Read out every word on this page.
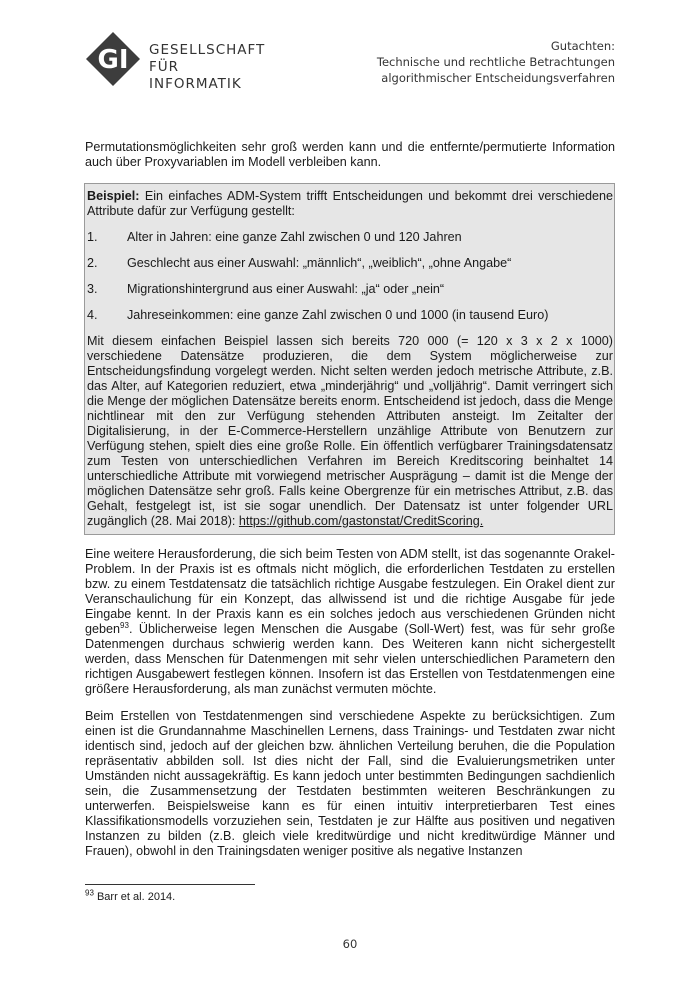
GI GESELLSCHAFT
FÜR INFORMATIK
Gutachten:
Technische und rechtliche Betrachtungen
algorithmischer Entscheidungsverfahren

Permutationsmöglichkeiten sehr groß werden kann und die entfernte/permutierte Information auch über Proxyvariablen im Modell verbleiben kann.

Beispiel: Ein einfaches ADM-System trifft Entscheidungen und bekommt drei verschiedene Attribute dafür zur Verfügung gestellt:

1.	Alter in Jahren: eine ganze Zahl zwischen 0 und 120 Jahren
2.	Geschlecht aus einer Auswahl: „männlich“, „weiblich“, „ohne Angabe“
3.	Migrationshintergrund aus einer Auswahl: „ja“ oder „nein“
4.	Jahreseinkommen: eine ganze Zahl zwischen 0 und 1000 (in tausend Euro)

Mit diesem einfachen Beispiel lassen sich bereits 720 000 (= 120 x 3 x 2 x 1000) verschiedene Datensätze produzieren, die dem System möglicherweise zur Entscheidungsfindung vorgelegt werden. Nicht selten werden jedoch metrische Attribute, z.B. das Alter, auf Kategorien reduziert, etwa „minderjährig“ und „volljährig“. Damit verringert sich die Menge der möglichen Datensätze bereits enorm. Entscheidend ist jedoch, dass die Menge nichtlinear mit den zur Verfügung stehenden Attributen ansteigt. Im Zeitalter der Digitalisierung, in der E-Commerce-Herstellern unzählige Attribute von Benutzern zur Verfügung stehen, spielt dies eine große Rolle. Ein öffentlich verfügbarer Trainingsdatensatz zum Testen von unterschiedlichen Verfahren im Bereich Kreditscoring beinhaltet 14 unterschiedliche Attribute mit vorwiegend metrischer Ausprägung – damit ist die Menge der möglichen Datensätze sehr groß. Falls keine Obergrenze für ein metrisches Attribut, z.B. das Gehalt, festgelegt ist, ist sie sogar unendlich. Der Datensatz ist unter folgender URL zugänglich (28. Mai 2018): https://github.com/gastonstat/CreditScoring.

Eine weitere Herausforderung, die sich beim Testen von ADM stellt, ist das sogenannte Orakel-Problem. In der Praxis ist es oftmals nicht möglich, die erforderlichen Testdaten zu erstellen bzw. zu einem Testdatensatz die tatsächlich richtige Ausgabe festzulegen. Ein Orakel dient zur Veranschaulichung für ein Konzept, das allwissend ist und die richtige Ausgabe für jede Eingabe kennt. In der Praxis kann es ein solches jedoch aus verschiedenen Gründen nicht geben$^{93}$. Üblicherweise legen Menschen die Ausgabe (Soll-Wert) fest, was für sehr große Datenmengen durchaus schwierig werden kann. Des Weiteren kann nicht sichergestellt werden, dass Menschen für Datenmengen mit sehr vielen unterschiedlichen Parametern den richtigen Ausgabewert festlegen können. Insofern ist das Erstellen von Testdatenmengen eine größere Herausforderung, als man zunächst vermuten möchte.

Beim Erstellen von Testdatenmengen sind verschiedene Aspekte zu berücksichtigen. Zum einen ist die Grundannahme Maschinellen Lernens, dass Trainings- und Testdaten zwar nicht identisch sind, jedoch auf der gleichen bzw. ähnlichen Verteilung beruhen, die die Population repräsentativ abbilden soll. Ist dies nicht der Fall, sind die Evaluierungsmetriken unter Umständen nicht aussagekräftig. Es kann jedoch unter bestimmten Bedingungen sachdienlich sein, die Zusammensetzung der Testdaten bestimmten weiteren Beschränkungen zu unterwerfen. Beispielsweise kann es für einen intuitiv interpretierbaren Test eines Klassifikationsmodells vorzuziehen sein, Testdaten je zur Hälfte aus positiven und negativen Instanzen zu bilden (z.B. gleich viele kreditwürdige und nicht kreditwürdige Männer und Frauen), obwohl in den Trainingsdaten weniger positive als negative Instanzen

$^{93}$ Barr et al. 2014.
60
